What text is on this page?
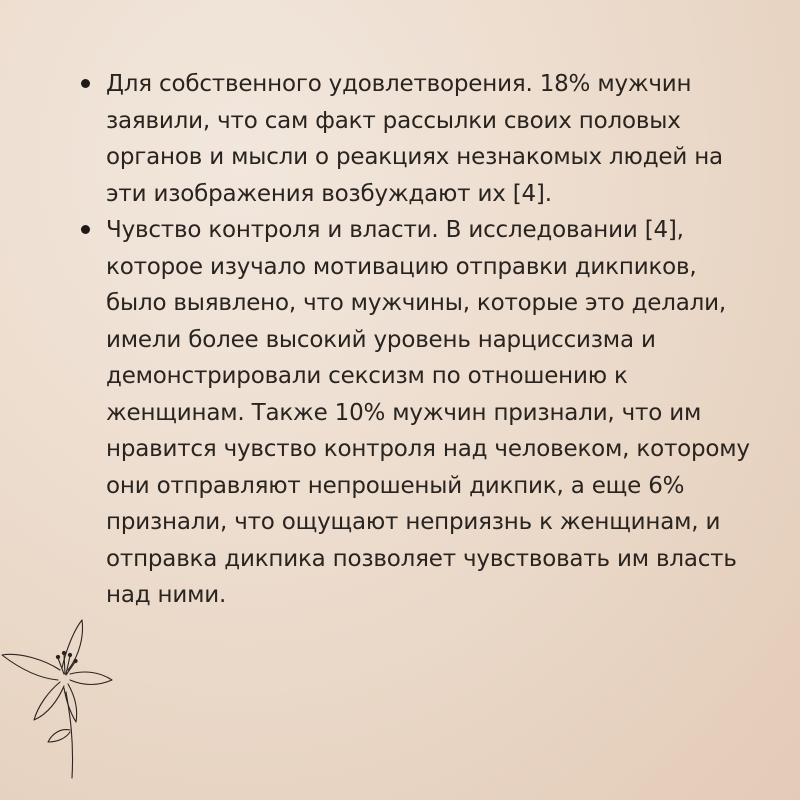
Для собственного удовлетворения. 18% мужчин заявили, что сам факт рассылки своих половых органов и мысли о реакциях незнакомых людей на эти изображения возбуждают их [4].
Чувство контроля и власти. В исследовании [4], которое изучало мотивацию отправки дикпиков, было выявлено, что мужчины, которые это делали, имели более высокий уровень нарциссизма и демонстрировали сексизм по отношению к женщинам. Также 10% мужчин признали, что им нравится чувство контроля над человеком, которому они отправляют непрошеный дикпик, а еще 6% признали, что ощущают неприязнь к женщинам, и отправка дикпика позволяет чувствовать им власть над ними.
